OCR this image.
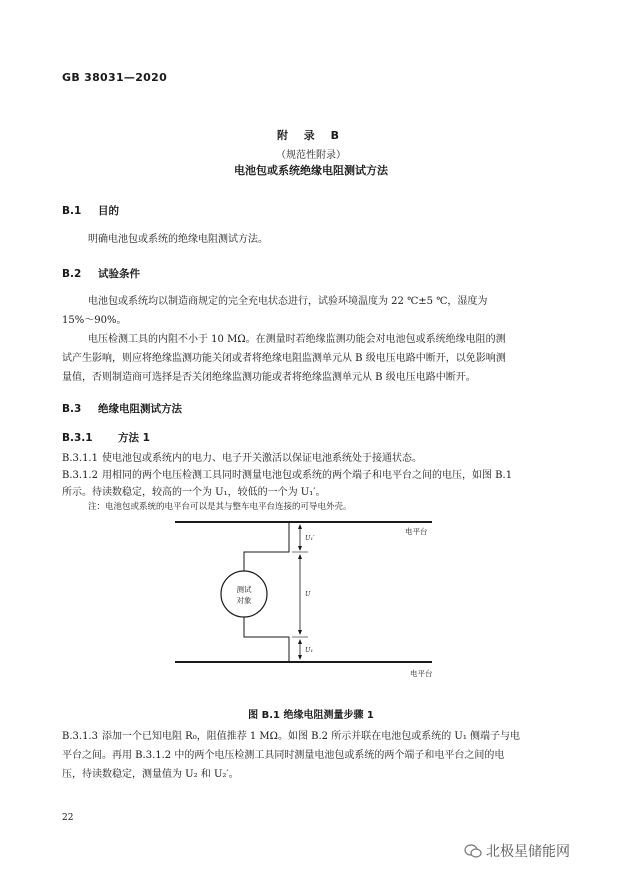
GB 38031—2020
附 录 B
（规范性附录）
电池包或系统绝缘电阻测试方法
B.1 目的
明确电池包或系统的绝缘电阻测试方法。
B.2 试验条件
电池包或系统均以制造商规定的完全充电状态进行，试验环境温度为 22 ℃±5 ℃，湿度为
15%～90%。
电压检测工具的内阻不小于 10 MΩ。在测量时若绝缘监测功能会对电池包或系统绝缘电阻的测
试产生影响，则应将绝缘监测功能关闭或者将绝缘电阻监测单元从 B 级电压电路中断开，以免影响测
量值，否则制造商可选择是否关闭绝缘监测功能或者将绝缘监测单元从 B 级电压电路中断开。
B.3 绝缘电阻测试方法
B.3.1 方法 1
B.3.1.1 使电池包或系统内的电力、电子开关激活以保证电池系统处于接通状态。
B.3.1.2 用相同的两个电压检测工具同时测量电池包或系统的两个端子和电平台之间的电压，如图 B.1
所示。待读数稳定，较高的一个为 U₁，较低的一个为 U₁′。
注：电池包或系统的电平台可以是其与整车电平台连接的可导电外壳。
电平台
电平台
测试
对象
U₁′
U
U₁
图 B.1 绝缘电阻测量步骤 1
B.3.1.3 添加一个已知电阻 R₀，阻值推荐 1 MΩ。如图 B.2 所示并联在电池包或系统的 U₁ 侧端子与电
平台之间。再用 B.3.1.2 中的两个电压检测工具同时测量电池包或系统的两个端子和电平台之间的电
压，待读数稳定，测量值为 U₂ 和 U₂′。
22
北极星储能网
